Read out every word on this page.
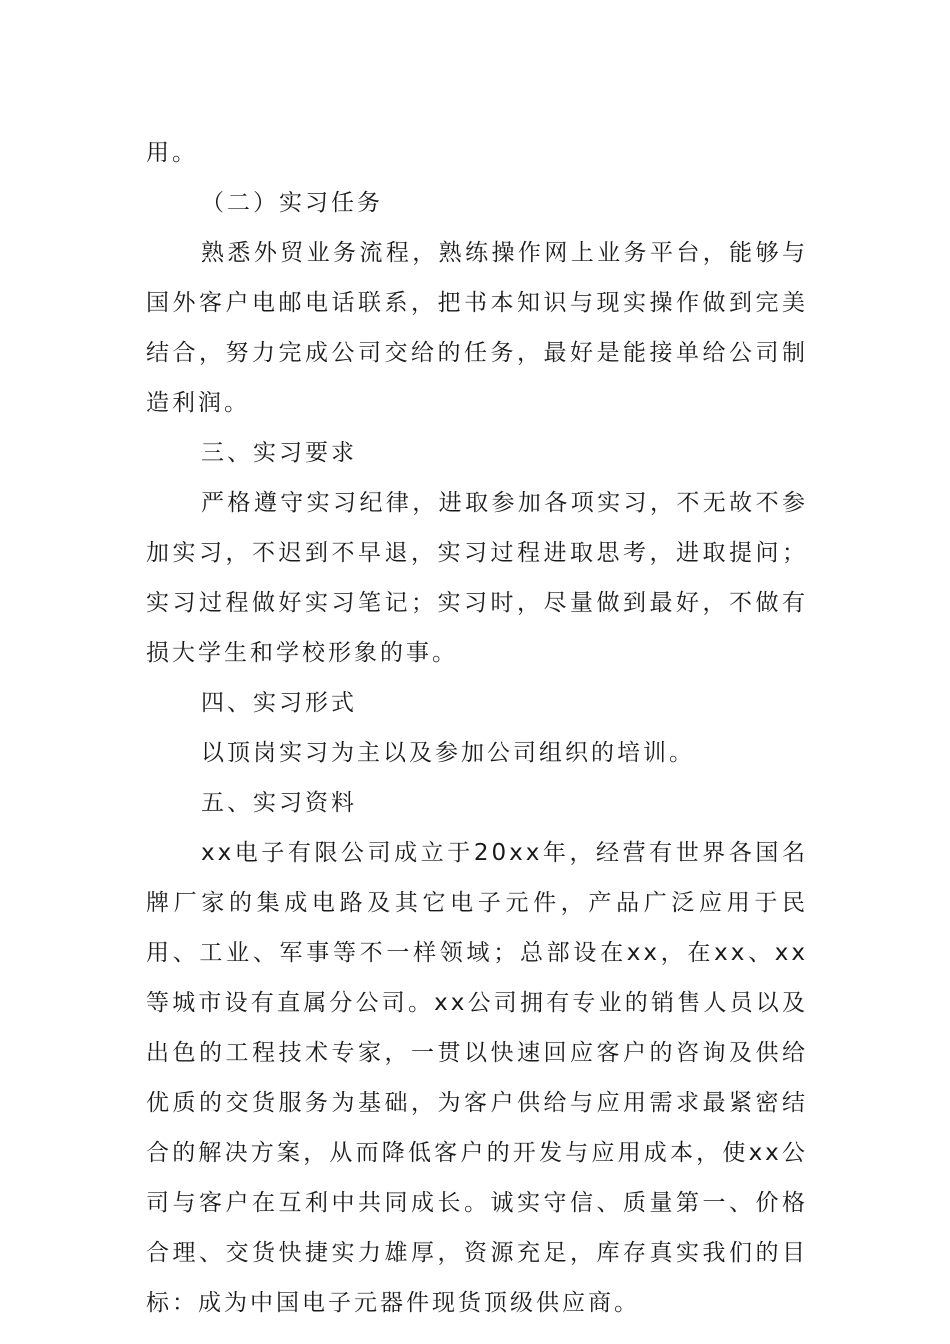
用。

（二）实习任务

熟悉外贸业务流程，熟练操作网上业务平台，能够与国外客户电邮电话联系，把书本知识与现实操作做到完美结合，努力完成公司交给的任务，最好是能接单给公司制造利润。

三、实习要求

严格遵守实习纪律，进取参加各项实习，不无故不参加实习，不迟到不早退，实习过程进取思考，进取提问；实习过程做好实习笔记；实习时，尽量做到最好，不做有损大学生和学校形象的事。

四、实习形式

以顶岗实习为主以及参加公司组织的培训。

五、实习资料

xx电子有限公司成立于20xx年，经营有世界各国名牌厂家的集成电路及其它电子元件，产品广泛应用于民用、工业、军事等不一样领域；总部设在xx，在xx、xx等城市设有直属分公司。xx公司拥有专业的销售人员以及出色的工程技术专家，一贯以快速回应客户的咨询及供给优质的交货服务为基础，为客户供给与应用需求最紧密结合的解决方案，从而降低客户的开发与应用成本，使xx公司与客户在互利中共同成长。诚实守信、质量第一、价格合理、交货快捷实力雄厚，资源充足，库存真实我们的目标：成为中国电子元器件现货顶级供应商。
